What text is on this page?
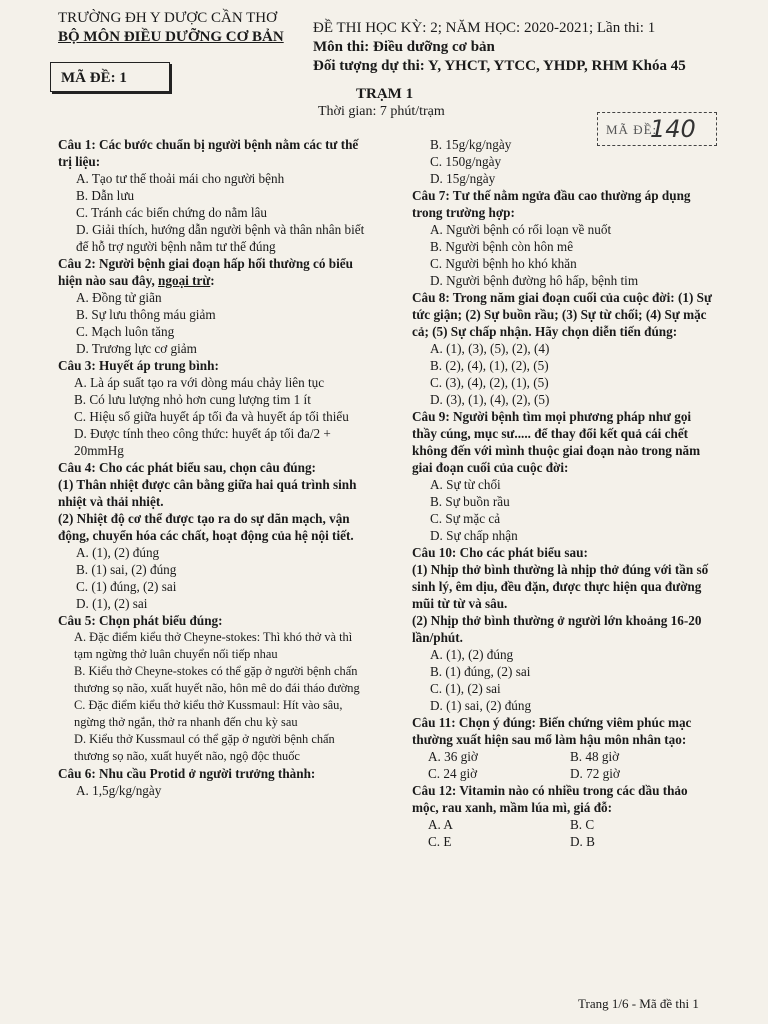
TRƯỜNG ĐH Y DƯỢC CẦN THƠ
BỘ MÔN ĐIỀU DƯỠNG CƠ BẢN
ĐỀ THI HỌC KỲ: 2; NĂM HỌC: 2020-2021; Lần thi: 1
Môn thi: Điều dưỡng cơ bản
Đối tượng dự thi: Y, YHCT, YTCC, YHDP, RHM Khóa 45
MÃ ĐỀ: 1
TRẠM 1
Thời gian: 7 phút/trạm
MÃ ĐỀ:
140

Câu 1: Các bước chuẩn bị người bệnh nằm các tư thế trị liệu:

A. Tạo tư thế thoải mái cho người bệnh

B. Dẫn lưu

C. Tránh các biến chứng do nằm lâu

D. Giải thích, hướng dẫn người bệnh và thân nhân biết để hỗ trợ người bệnh nằm tư thế đúng

Câu 2: Người bệnh giai đoạn hấp hối thường có biểu hiện nào sau đây, ngoại trừ:

A. Đồng tử giãn

B. Sự lưu thông máu giảm

C. Mạch luôn tăng

D. Trương lực cơ giảm

Câu 3: Huyết áp trung bình:

A. Là áp suất tạo ra với dòng máu chảy liên tục

B. Có lưu lượng nhỏ hơn cung lượng tim 1 ít

C. Hiệu số giữa huyết áp tối đa và huyết áp tối thiểu

D. Được tính theo công thức: huyết áp tối đa/2 + 20mmHg

Câu 4: Cho các phát biểu sau, chọn câu đúng:

(1) Thân nhiệt được cân bằng giữa hai quá trình sinh nhiệt và thải nhiệt.

(2) Nhiệt độ cơ thể được tạo ra do sự dãn mạch, vận động, chuyển hóa các chất, hoạt động của hệ nội tiết.

A. (1), (2) đúng

B. (1) sai, (2) đúng

C. (1) đúng, (2) sai

D. (1), (2) sai

Câu 5: Chọn phát biểu đúng:

A. Đặc điểm kiểu thở Cheyne-stokes: Thì khó thở và thì tạm ngừng thở luân chuyển nối tiếp nhau

B. Kiểu thở Cheyne-stokes có thể gặp ở người bệnh chấn thương sọ não, xuất huyết não, hôn mê do đái tháo đường

C. Đặc điểm kiểu thở kiểu thở Kussmaul: Hít vào sâu, ngừng thở ngắn, thở ra nhanh đến chu kỳ sau

D. Kiểu thở Kussmaul có thể gặp ở người bệnh chấn thương sọ não, xuất huyết não, ngộ độc thuốc

Câu 6: Nhu cầu Protid ở người trưởng thành:

A. 1,5g/kg/ngày

B. 15g/kg/ngày

C. 150g/ngày

D. 15g/ngày

Câu 7: Tư thế nằm ngửa đầu cao thường áp dụng trong trường hợp:

A. Người bệnh có rối loạn về nuốt

B. Người bệnh còn hôn mê

C. Người bệnh ho khó khăn

D. Người bệnh đường hô hấp, bệnh tim

Câu 8: Trong năm giai đoạn cuối của cuộc đời: (1) Sự tức giận; (2) Sự buồn rầu; (3) Sự từ chối; (4) Sự mặc cả; (5) Sự chấp nhận. Hãy chọn diễn tiến đúng:

A. (1), (3), (5), (2), (4)

B. (2), (4), (1), (2), (5)

C. (3), (4), (2), (1), (5)

D. (3), (1), (4), (2), (5)

Câu 9: Người bệnh tìm mọi phương pháp như gọi thầy cúng, mục sư..... để thay đổi kết quả cái chết không đến với mình thuộc giai đoạn nào trong năm giai đoạn cuối của cuộc đời:

A. Sự từ chối

B. Sự buồn rầu

C. Sự mặc cả

D. Sự chấp nhận

Câu 10: Cho các phát biểu sau:

(1) Nhịp thở bình thường là nhịp thở đúng với tần số sinh lý, êm dịu, đều đặn, được thực hiện qua đường mũi từ từ và sâu.

(2) Nhịp thở bình thường ở người lớn khoảng 16-20 lần/phút.

A. (1), (2) đúng

B. (1) đúng, (2) sai

C. (1), (2) sai

D. (1) sai, (2) đúng

Câu 11: Chọn ý đúng: Biến chứng viêm phúc mạc thường xuất hiện sau mổ làm hậu môn nhân tạo:

A. 36 giờ	B. 48 giờ
C. 24 giờ	D. 72 giờ

Câu 12: Vitamin nào có nhiều trong các dầu thảo mộc, rau xanh, mầm lúa mì, giá đỗ:

A. A	B. C
C. E	D. B
Trang 1/6 - Mã đề thi 1
